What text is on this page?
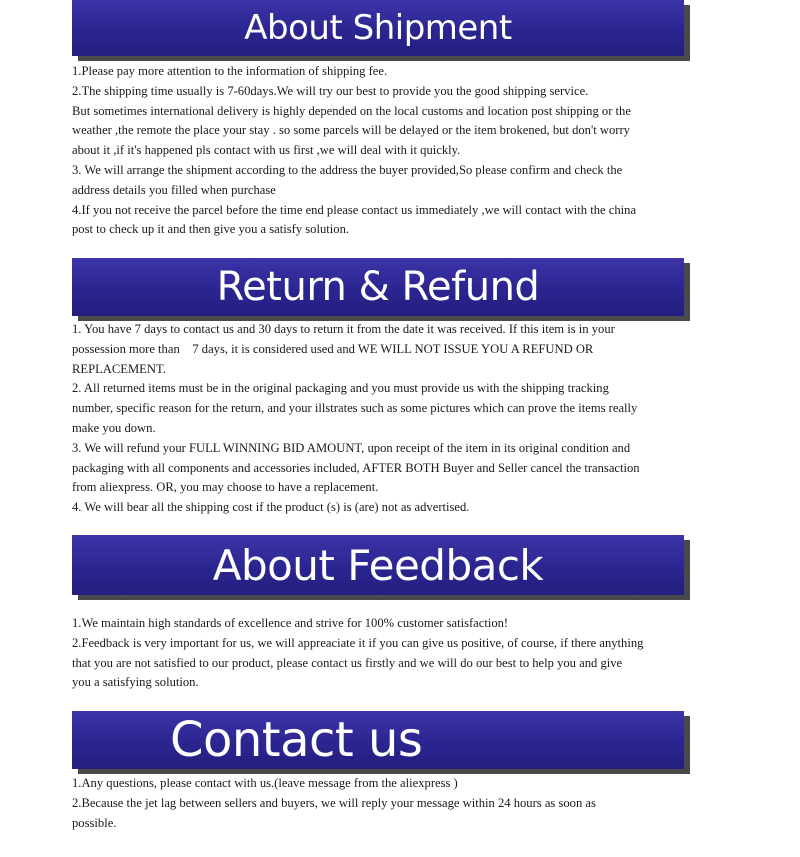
About Shipment

1.Please pay more attention to the information of shipping fee.

2.The shipping time usually is 7-60days.We will try our best to provide you the good shipping service.

But sometimes international delivery is highly depended on the local customs and location post shipping or the

weather ,the remote the place your stay . so some parcels will be delayed or the item brokened, but don't worry

about it ,if it's happened pls contact with us first ,we will deal with it quickly.

3. We will arrange the shipment according to the address the buyer provided,So please confirm and check the

address details you filled when purchase

4.If you not receive the parcel before the time end please contact us immediately ,we will contact with the china

post to check up it and then give you a satisfy solution.

Return & Refund

1. You have 7 days to contact us and 30 days to return it from the date it was received. If this item is in your

possession more than    7 days, it is considered used and WE WILL NOT ISSUE YOU A REFUND OR

REPLACEMENT.

2. All returned items must be in the original packaging and you must provide us with the shipping tracking

number, specific reason for the return, and your illstrates such as some pictures which can prove the items really

make you down.

3. We will refund your FULL WINNING BID AMOUNT, upon receipt of the item in its original condition and

packaging with all components and accessories included, AFTER BOTH Buyer and Seller cancel the transaction

from aliexpress. OR, you may choose to have a replacement.

4. We will bear all the shipping cost if the product (s) is (are) not as advertised.

About Feedback

1.We maintain high standards of excellence and strive for 100% customer satisfaction!

2.Feedback is very important for us, we will appreaciate it if you can give us positive, of course, if there anything

that you are not satisfied to our product, please contact us firstly and we will do our best to help you and give

you a satisfying solution.

Contact us

1.Any questions, please contact with us.(leave message from the aliexpress )

2.Because the jet lag between sellers and buyers, we will reply your message within 24 hours as soon as

possible.
